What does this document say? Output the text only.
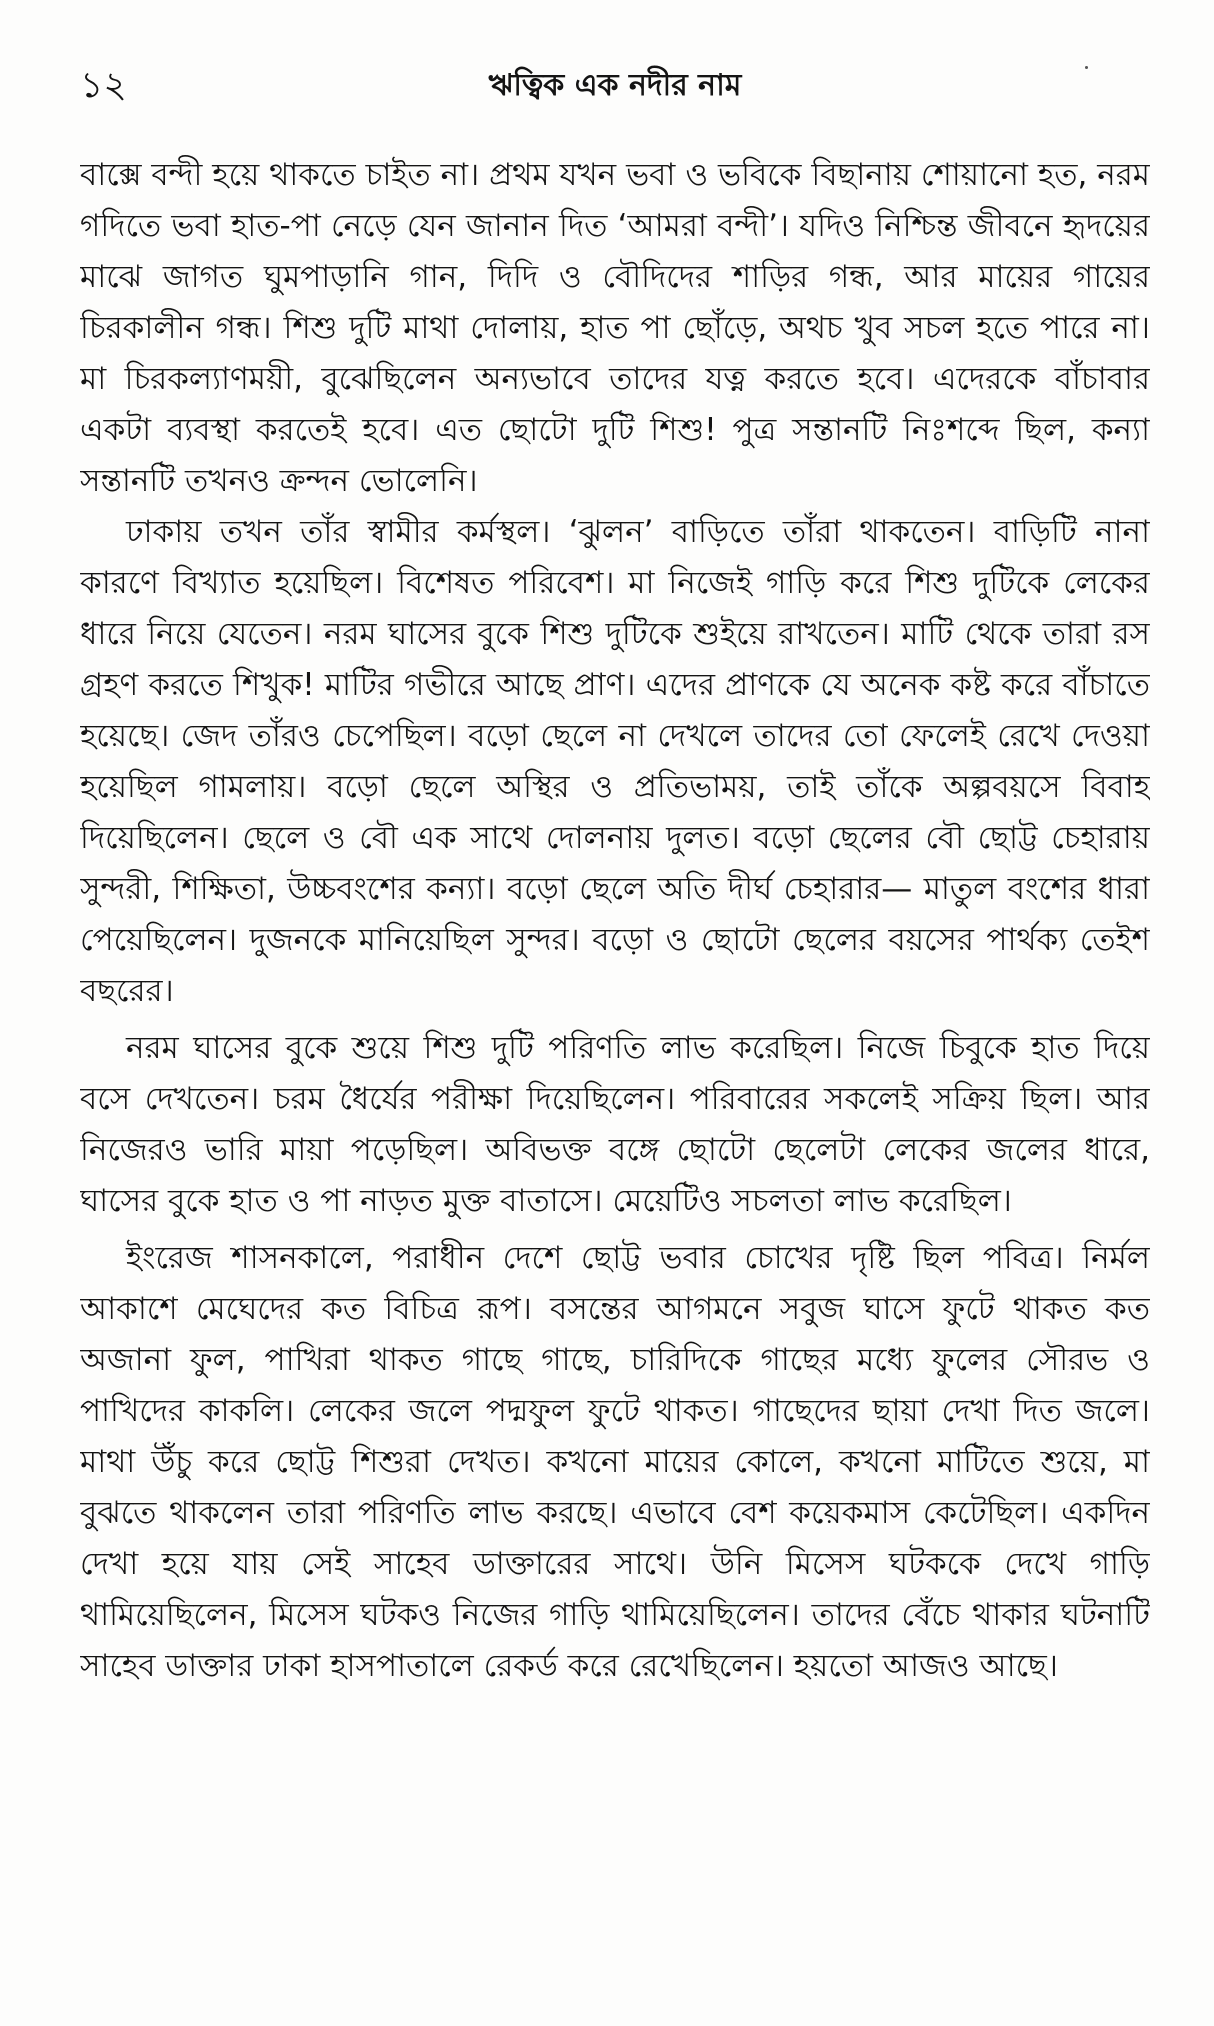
১২	ঋত্বিক এক নদীর নাম

বাক্সে বন্দী হয়ে থাকতে চাইত না। প্রথম যখন ভবা ও ভবিকে বিছানায় শোয়ানো হত, নরম গদিতে ভবা হাত-পা নেড়ে যেন জানান দিত ‘আমরা বন্দী’। যদিও নিশ্চিন্ত জীবনে হৃদয়ের মাঝে জাগত ঘুমপাড়ানি গান, দিদি ও বৌদিদের শাড়ির গন্ধ, আর মায়ের গায়ের চিরকালীন গন্ধ। শিশু দুটি মাথা দোলায়, হাত পা ছোঁড়ে, অথচ খুব সচল হতে পারে না। মা চিরকল্যাণময়ী, বুঝেছিলেন অন্যভাবে তাদের যত্ন করতে হবে। এদেরকে বাঁচাবার একটা ব্যবস্থা করতেই হবে। এত ছোটো দুটি শিশু! পুত্র সন্তানটি নিঃশব্দে ছিল, কন্যা সন্তানটি তখনও ক্রন্দন ভোলেনি।

ঢাকায় তখন তাঁর স্বামীর কর্মস্থল। ‘ঝুলন’ বাড়িতে তাঁরা থাকতেন। বাড়িটি নানা কারণে বিখ্যাত হয়েছিল। বিশেষত পরিবেশ। মা নিজেই গাড়ি করে শিশু দুটিকে লেকের ধারে নিয়ে যেতেন। নরম ঘাসের বুকে শিশু দুটিকে শুইয়ে রাখতেন। মাটি থেকে তারা রস গ্রহণ করতে শিখুক! মাটির গভীরে আছে প্রাণ। এদের প্রাণকে যে অনেক কষ্ট করে বাঁচাতে হয়েছে। জেদ তাঁরও চেপেছিল। বড়ো ছেলে না দেখলে তাদের তো ফেলেই রেখে দেওয়া হয়েছিল গামলায়। বড়ো ছেলে অস্থির ও প্রতিভাময়, তাই তাঁকে অল্পবয়সে বিবাহ দিয়েছিলেন। ছেলে ও বৌ এক সাথে দোলনায় দুলত। বড়ো ছেলের বৌ ছোট্ট চেহারায় সুন্দরী, শিক্ষিতা, উচ্চবংশের কন্যা। বড়ো ছেলে অতি দীর্ঘ চেহারার— মাতুল বংশের ধারা পেয়েছিলেন। দুজনকে মানিয়েছিল সুন্দর। বড়ো ও ছোটো ছেলের বয়সের পার্থক্য তেইশ বছরের।

নরম ঘাসের বুকে শুয়ে শিশু দুটি পরিণতি লাভ করেছিল। নিজে চিবুকে হাত দিয়ে বসে দেখতেন। চরম ধৈর্যের পরীক্ষা দিয়েছিলেন। পরিবারের সকলেই সক্রিয় ছিল। আর নিজেরও ভারি মায়া পড়েছিল। অবিভক্ত বঙ্গে ছোটো ছেলেটা লেকের জলের ধারে, ঘাসের বুকে হাত ও পা নাড়ত মুক্ত বাতাসে। মেয়েটিও সচলতা লাভ করেছিল।

ইংরেজ শাসনকালে, পরাধীন দেশে ছোট্ট ভবার চোখের দৃষ্টি ছিল পবিত্র। নির্মল আকাশে মেঘেদের কত বিচিত্র রূপ। বসন্তের আগমনে সবুজ ঘাসে ফুটে থাকত কত অজানা ফুল, পাখিরা থাকত গাছে গাছে, চারিদিকে গাছের মধ্যে ফুলের সৌরভ ও পাখিদের কাকলি। লেকের জলে পদ্মফুল ফুটে থাকত। গাছেদের ছায়া দেখা দিত জলে। মাথা উঁচু করে ছোট্ট শিশুরা দেখত। কখনো মায়ের কোলে, কখনো মাটিতে শুয়ে, মা বুঝতে থাকলেন তারা পরিণতি লাভ করছে। এভাবে বেশ কয়েকমাস কেটেছিল। একদিন দেখা হয়ে যায় সেই সাহেব ডাক্তারের সাথে। উনি মিসেস ঘটককে দেখে গাড়ি থামিয়েছিলেন, মিসেস ঘটকও নিজের গাড়ি থামিয়েছিলেন। তাদের বেঁচে থাকার ঘটনাটি সাহেব ডাক্তার ঢাকা হাসপাতালে রেকর্ড করে রেখেছিলেন। হয়তো আজও আছে।
